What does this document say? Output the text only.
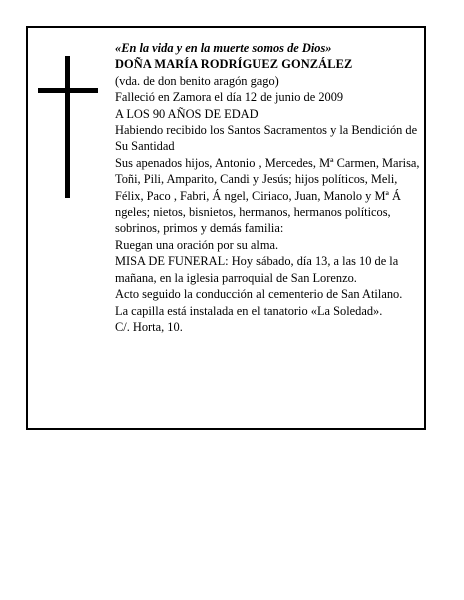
«En la vida y en la muerte somos de Dios»

DOÑA MARÍA RODRÍGUEZ GONZÁLEZ

(vda. de don benito aragón gago)

Falleció en Zamora el día 12 de junio de 2009

A LOS 90 AÑOS DE EDAD

Habiendo recibido los Santos Sacramentos y la Bendición de Su Santidad

Sus apenados hijos, Antonio , Mercedes, Mª Carmen, Marisa, Toñi, Pili, Amparito, Candi y Jesús; hijos políticos, Meli, Félix, Paco , Fabri, Á ngel, Ciriaco, Juan, Manolo y Mª Á ngeles; nietos, bisnietos, hermanos, hermanos políticos, sobrinos, primos y demás familia:

Ruegan una oración por su alma.

MISA DE FUNERAL: Hoy sábado, día 13, a las 10 de la mañana, en la iglesia parroquial de San Lorenzo.

Acto seguido la conducción al cementerio de San Atilano.

La capilla está instalada en el tanatorio «La Soledad».

C/. Horta, 10.
